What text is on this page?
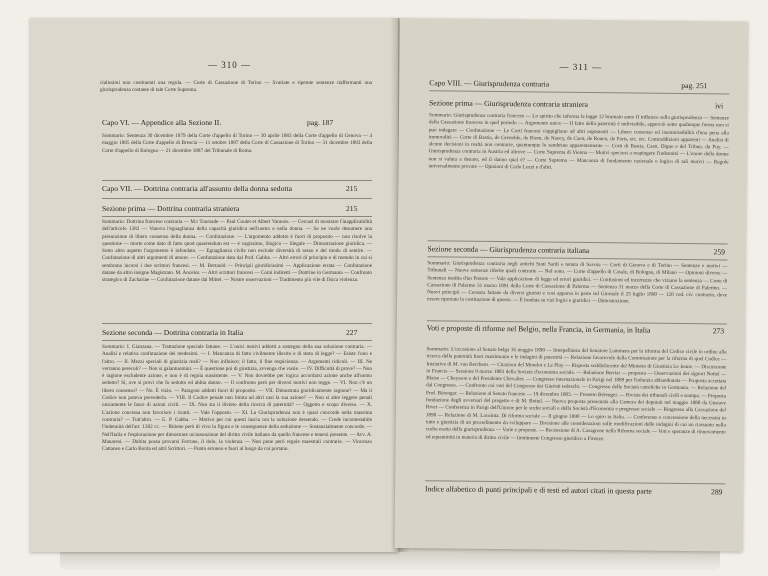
— 310 —
cialissimi non costituenti una regola. — Corte di Cassazione di Torino — Svariate e ripetute sentenze riaffermanti una giurisprudenza costante di tale Corte Suprema.
Capo VI. — Appendice alla Sezione II.	pag. 187
Sommario: Sentenza 30 dicembre 1879 della Corte d'appello di Torino — 30 aprile 1883 della Corte d'appello di Genova — 4 maggio 1885 della Corte d'appello di Brescia — 11 ottobre 1887 della Corte di Cassazione di Torino — 31 dicembre 1883 della Corte d'appello di Bologna — 21 dicembre 1887 del Tribunale di Roma.
Capo VII. — Dottrina contraria all'assunto della donna sedotta	215
Sezione prima — Dottrina contraria straniera	215
Sommario: Dottrina francese contraria — M.r Toursade — Paul Coulet et Albert Vannois. — Cercasi di mostrare l'inapplicabilità dell'articolo 1382 — Vanova l'eguaglianza della capacità giuridica nell'uomo e nella donna. — Se ne vuole desumere una presunzione di libero consenso della donna. — Confutazione. — L'argomento addotto è fuori di proposito — non risolve la questione — morte come dato di fatto quod quaerendum est — è vagissimo, illogico — illegale — Dimostrazione giuridica. — Sotto altro aspetto l'argomento è infondato. — Eguaglianza civile non esclude diversità di sesso e del modo di sentire. — Confutazione di altri argomenti di amore. — Confutazione data dal Prof. Gabba. — Altri errori di principio e di metodo in cui si sembrano incorsi i due scrittori francesi. — M. Bertauld — Principii giuridicissimi — Applicazione errata — Confutazione datane da altro insigne Magistrato. M. Ancelot. — Altri scrittori francesi — Comi indiretti — Dottrine in Germania — Confronto strategico di Zachariae — Confutazione datane dai Mittel. — Nostre osservazioni — Tradimento più vile di fisica violenza.
Sezione seconda — Dottrina contraria in Italia	227
Sommario: I. Gianzana. — Trattazione speciale fattane. — L'unici motivi addotti a sostegno della sua soluzione contraria. — Analisi e relativa confutazione dei medesimi. — I. Mancanza di fatto civilmente illecito e di testo di legge? — Esiste l'uno e l'altro. — II. Mezzi speciali di giustizia reali? — Non influisce; il fatto, il fine respicienza. — Argomenti ridicoli. — III. Ne verranno perecoli? — Non si galantuomini. — È questione poi di giustizia, avvenga che vuole. — IV. Difficoltà di prove? — Non è ragione escludente azione, e non è di regola sussistente. — V. Non dovrebbe per logica accordarsi azione anche all'uomo sedotto? Sì, ove si provi che fu sedotto ed abbia danno. — Il confronto però per diversi motivi non regge. — VI. Non c'è un libero consenso? — No. È vizio. — Paragoni addotti fuori di proposito. — VII. Dimostrata giuridicamente ragione? — Ma il Codice non poteva prevederla. — VIII. Il Codice penale non limita ad altri casi la sua azione? — Non si altre leggere penali unicamente le fasce di azioni civili. — IX. Non sta il divieto della ricerca di paternità? — Oggetto e scopo diverso. — X. L'azione concessa non favorisce i ricatti. — Vale l'opposto. — XI. La Giurisprudenza non è quasi concorde nella massima contraria? — Tutt'altro. — G. P. Gabba. — Motivo per cui questi lascia ora la soluzione dessendo. — Crede incontestabile l'indennità dell'art. 1382 cc. — Ritiene però di vivo la figura e le conseguenze della seduzione — Sostanzialmente concorde. — Nell'Italia e l'esplorazione per dimostrare un'assunzione del diritto civile italiano da quello francese e tenersi presente. — Avv. A. Manaresi. — Dubita possa provarsi Ferrone, il dolo, la violenza — Non pone però regole maestrali contrarie. — Vincenzo Cattaneo e Carlo Borda ed altri Scrittori. — Punto erroneo e fuori al luogo da cui portano.
— 311 —
Capo VIII. — Giurisprudenza contraria	pag. 251
Sezione prima — Giurisprudenza contraria straniera	ivi
Sommario: Giurisprudenza contraria francese — Lo spirito che informa la legge 12 brumaio anno II influisce sulla giurisprudenza — Sentenze della Cassazione francese in quel periodo — Argomento unico — Il fatto della paternità è indivisibile, epperciò sotto qualunque forma non si può indagare — Confutazione — Le Corti francesi s'appigliano ad altri argomenti — Libero consenso ed inammissibilità d'una pena alla immoralità — Corte di Bastia, de Grenoble, de Riom, de Nancy, de Caen, de Rouen, de Paris, etc. etc. Contraddizioni apparenti — Analisi di alcune decisioni in realtà non contrarie, quantunque lo sembrino apparentemente — Corti di Bastia, Caen, Digne e del Tribun. du Puy. — Giurisprudenza contraria in Austria ed altrove — Corte Suprema di Vienna — Motivi speciosi a respingere l'indennità — L'onore della donna non si valuta a denaro, ed il danno qual è? — Corte Suprema — Mancanza di fondamento razionale e logico di tali motivi — Regole universalmente provate — Opinioni di Carlo Lozzi e d'altri.
Sezione seconda — Giurisprudenza contraria italiana	259
Sommario: Giurisprudenza contraria negli antichi Stati Sardi e tenuta di Savoia — Corti di Genova e di Torino — Sentenze e motivi — Tribunali — Nuove sentenze riferite quali contrarie — Nol sono. — Corte d'appello di Casale, di Bologna, di Milano — Opinioni diverse — Sentenza inedita d'un Pretore — Vale applicazione di legge ed errori giuridici. — Confusioni ed incertezze che viziano la sentenza — Corte di Cassazione di Palermo 31 marzo 1891 della Corte di Cassazione di Palermo — Sentenza 31 marzo della Corte di Cassazione di Palermo. — Nuovi principii — Censura fattane da diversi giuristi e così apparsa in parte sul Giornale il 25 luglio 1890 — 120 cod. civ. contrario, deve essere riportato la costituzione di questo. — È fondata su vizi logici e giuridici — Dimostrazione.
Voti e proposte di riforme nel Belgio, nella Francia, in Germania, in Italia	273
Sommario: L'occasione al Senato belga 16 maggio 1890 — Interpellanza del Senatore Lammens per la riforma del Codice civile in ordine alla ricerca della paternità fuori matrimonio e le indagini di paternità — Relazione favorevole della Commissione per la riforma di quel Codice — Iniziative di M. van Berchem. — Citazioni del Morelot e Le Play — Risposta soddisfacente del Ministro di Giustizia Le Jeune. — Discussione in Francia — Sessione 9 marzo 1883 della Società d'economia sociale. — Relazione Berriat — proposta — Osservazioni dei signori Nottel — Blaise — Cheysson e del Presidente Chevalier. — Congresso internazionale in Parigi nel 1889 per l'infanzia abbandonata — Proposta accettata dal Congresso. — Confronto coi voti del Congresso dei Giuristi tedeschi. — Congresso delle Società cattoliche in Germania. — Relazione del Prof. Bérenger. — Relazione al Senato francese — 19 dicembre 1883. — Prosetto Bérenger. — Rivista dei tribunali civili e stampa. — Proposta fondazione degli avversari del progetto e di M. Boitel. — Nuova proposta presentata alla Camera dei deputati nel maggio 1888 da Gustave Rivet — Conferenza in Parigi dell'Unione per le scelte sociali e della Società d'Economia e progresso sociale — Ringresso alla Cassazione del 1890 — Relazione di M. Lacointa. Di riforma sociale — Il giugno 1890 — Lo spiro in Italia. — Conferenze e concessione della necessità in tutto e giustizia di un procedimento da sviluppare — Divisione alle considerazioni sulle modificazioni delle indagini di cui un riassunto nella scelta esatta della giurisprudenza — Varie e proposte. — Recensione di A. Casagrone nella Riforma sociale — Voti e speranze di rinnovamento ed equanimità in materia di diritto civile — Imminente Congresso giuridico a Firenze.
Indice alfabetico di punti principali e di testi ed autori citati in questa parte	289
